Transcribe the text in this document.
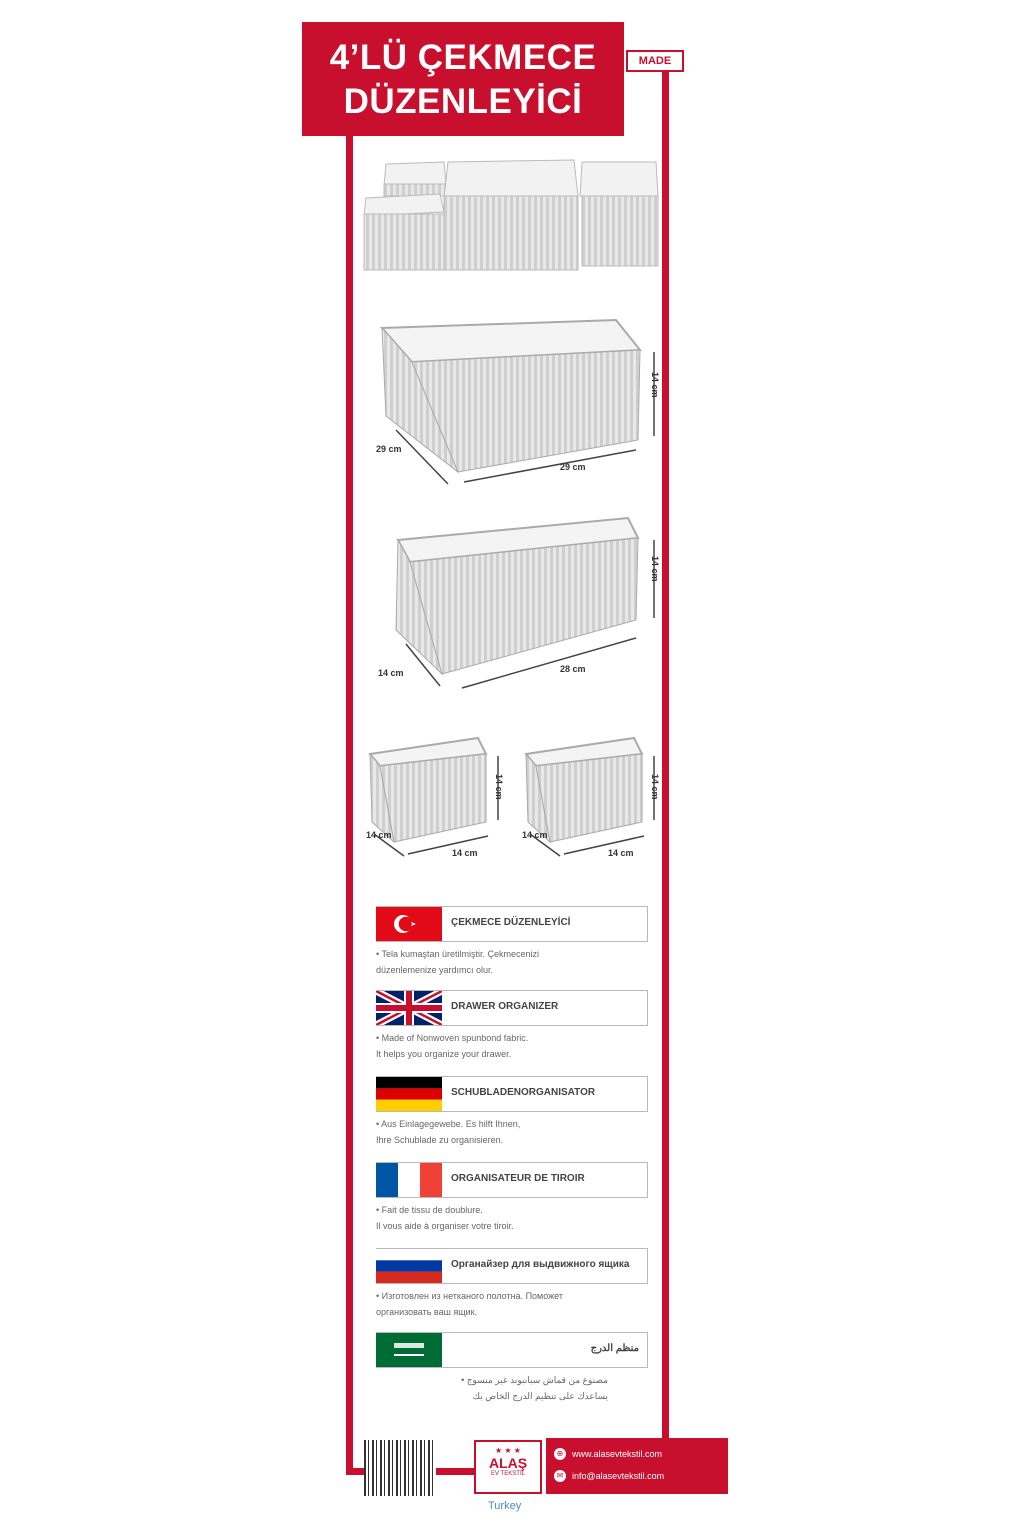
4’LÜ ÇEKMECE
DÜZENLEYİCİ
MADE
14 cm
29 cm
29 cm
14 cm
14 cm	28 cm
14 cm
14 cm
14 cm
14 cm
14 cm
14 cm
ÇEKMECE DÜZENLEYİCİ
• Tela kumaştan üretilmiştir. Çekmecenizi
düzenlemenize yardımcı olur.
DRAWER ORGANIZER
• Made of Nonwoven spunbond fabric.
It helps you organize your drawer.
SCHUBLADENORGANISATOR
• Aus Einlagegewebe. Es hilft Ihnen,
Ihre Schublade zu organisieren.
ORGANISATEUR DE TIROIR
• Fait de tissu de doublure.
Il vous aide à organiser votre tiroir.
Органайзер для выдвижного ящика
• Изготовлен из нетканого полотна. Поможет
организовать ваш ящик.
منظم الدرج
• مصنوع من قماش سبانبوند غير منسوج
يساعدك على تنظيم الدرج الخاص بك
★ ★ ★
ALAŞ
EV TEKSTİL
⊕ www.alasevtekstil.com
✉ info@alasevtekstil.com
Turkey
